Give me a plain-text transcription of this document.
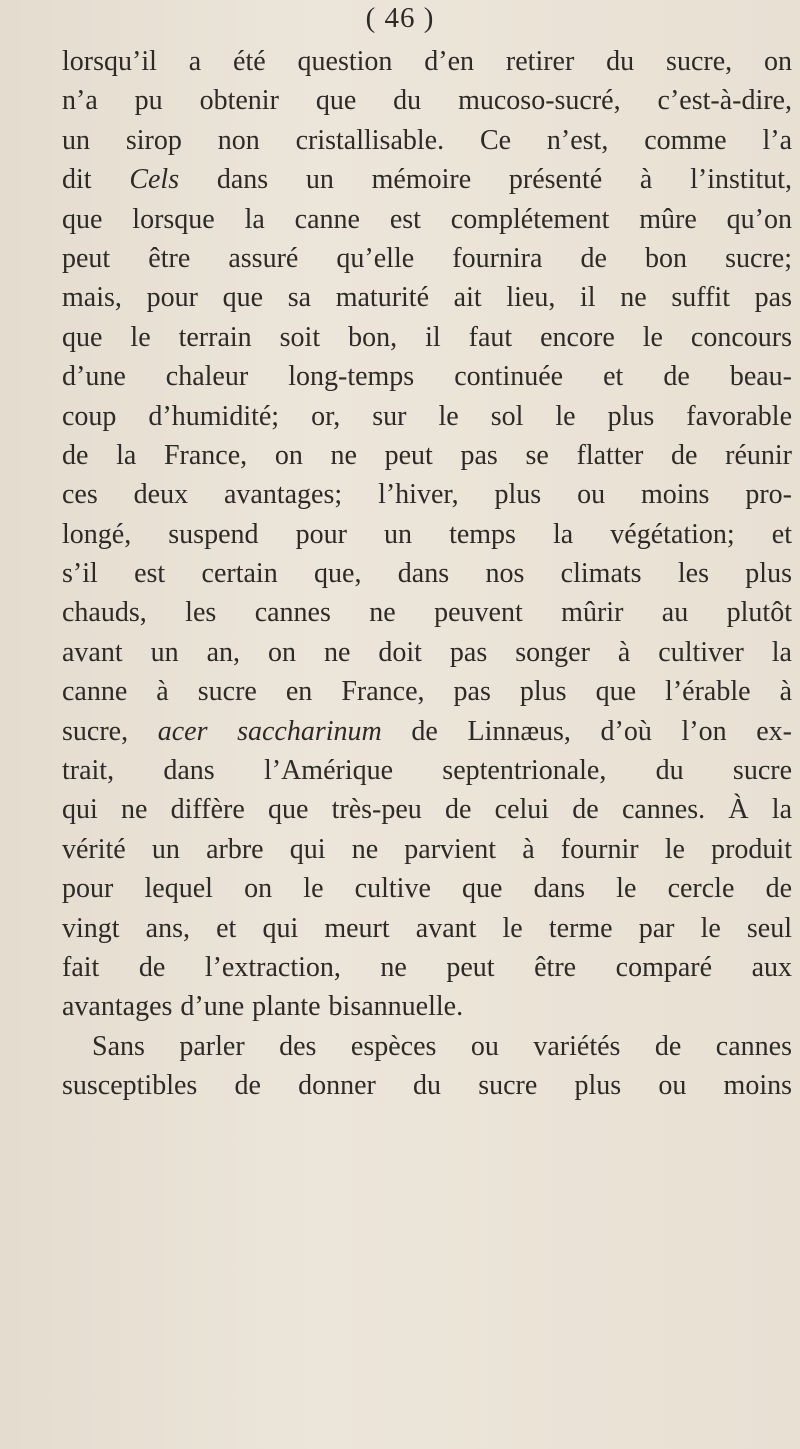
( 46 )
lorsqu’il a été question d’en retirer du sucre, on
n’a pu obtenir que du mucoso-sucré, c’est-à-dire,
un sirop non cristallisable. Ce n’est, comme l’a
dit Cels dans un mémoire présenté à l’institut,
que lorsque la canne est complétement mûre qu’on
peut être assuré qu’elle fournira de bon sucre;
mais, pour que sa maturité ait lieu, il ne suffit pas
que le terrain soit bon, il faut encore le concours
d’une chaleur long-temps continuée et de beau-
coup d’humidité; or, sur le sol le plus favorable
de la France, on ne peut pas se flatter de réunir
ces deux avantages; l’hiver, plus ou moins pro-
longé, suspend pour un temps la végétation; et
s’il est certain que, dans nos climats les plus
chauds, les cannes ne peuvent mûrir au plutôt
avant un an, on ne doit pas songer à cultiver la
canne à sucre en France, pas plus que l’érable à
sucre, acer saccharinum de Linnæus, d’où l’on ex-
trait, dans l’Amérique septentrionale, du sucre
qui ne diffère que très-peu de celui de cannes. À la
vérité un arbre qui ne parvient à fournir le produit
pour lequel on le cultive que dans le cercle de
vingt ans, et qui meurt avant le terme par le seul
fait de l’extraction, ne peut être comparé aux
avantages d’une plante bisannuelle.
Sans parler des espèces ou variétés de cannes
susceptibles de donner du sucre plus ou moins
